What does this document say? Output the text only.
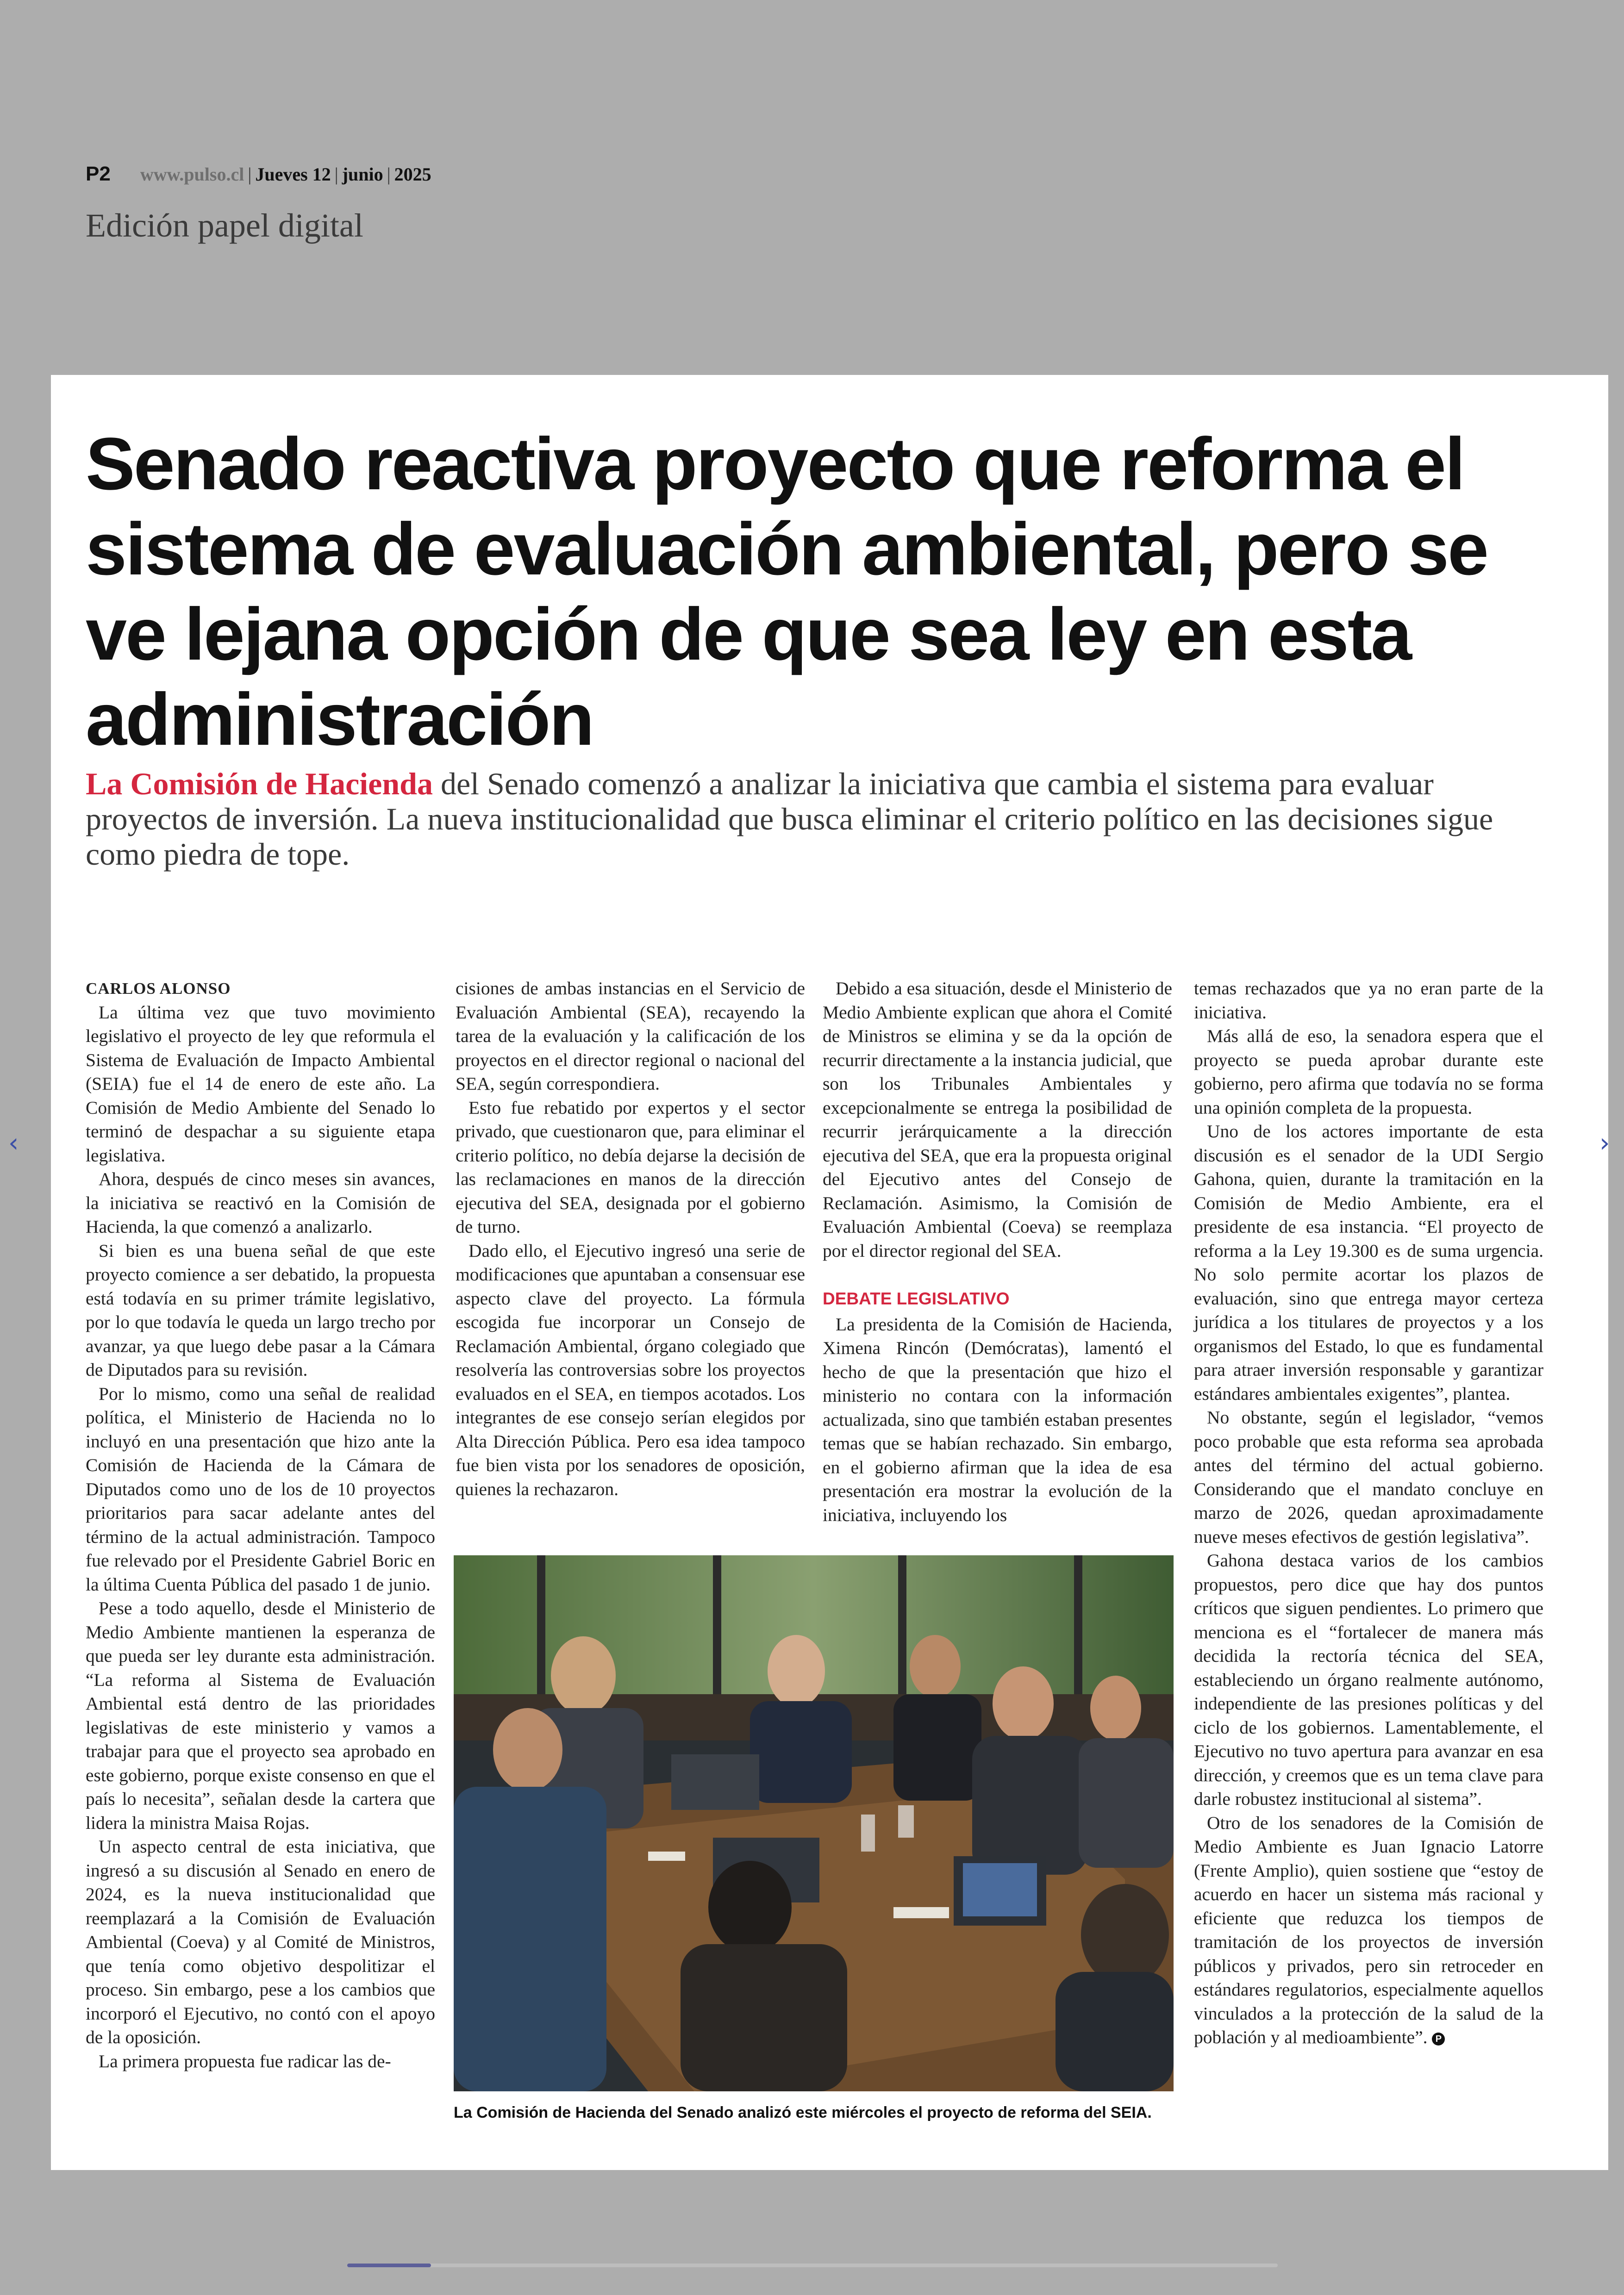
P2 www.pulso.cl | Jueves 12 | junio | 2025
Edición papel digital
Senado reactiva proyecto que reforma el sistema de evaluación ambiental, pero se ve lejana opción de que sea ley en esta administración
La Comisión de Hacienda del Senado comenzó a analizar la iniciativa que cambia el sistema para evaluar proyectos de inversión. La nueva institucionalidad que busca eliminar el criterio político en las decisiones sigue como piedra de tope.
CARLOS ALONSO

La última vez que tuvo movimiento legislativo el proyecto de ley que reformula el Sistema de Evaluación de Impacto Ambiental (SEIA) fue el 14 de enero de este año. La Comisión de Medio Ambiente del Senado lo terminó de despachar a su siguiente etapa legislativa.

Ahora, después de cinco meses sin avances, la iniciativa se reactivó en la Comisión de Hacienda, la que comenzó a analizarlo.

Si bien es una buena señal de que este proyecto comience a ser debatido, la propuesta está todavía en su primer trámite legislativo, por lo que todavía le queda un largo trecho por avanzar, ya que luego debe pasar a la Cámara de Diputados para su revisión.

Por lo mismo, como una señal de realidad política, el Ministerio de Hacienda no lo incluyó en una presentación que hizo ante la Comisión de Hacienda de la Cámara de Diputados como uno de los de 10 proyectos prioritarios para sacar adelante antes del término de la actual administración. Tampoco fue relevado por el Presidente Gabriel Boric en la última Cuenta Pública del pasado 1 de junio.

Pese a todo aquello, desde el Ministerio de Medio Ambiente mantienen la esperanza de que pueda ser ley durante esta administración. “La reforma al Sistema de Evaluación Ambiental está dentro de las prioridades legislativas de este ministerio y vamos a trabajar para que el proyecto sea aprobado en este gobierno, porque existe consenso en que el país lo necesita”, señalan desde la cartera que lidera la ministra Maisa Rojas.

Un aspecto central de esta iniciativa, que ingresó a su discusión al Senado en enero de 2024, es la nueva institucionalidad que reemplazará a la Comisión de Evaluación Ambiental (Coeva) y al Comité de Ministros, que tenía como objetivo despolitizar el proceso. Sin embargo, pese a los cambios que incorporó el Ejecutivo, no contó con el apoyo de la oposición.

La primera propuesta fue radicar las de-

cisiones de ambas instancias en el Servicio de Evaluación Ambiental (SEA), recayendo la tarea de la evaluación y la calificación de los proyectos en el director regional o nacional del SEA, según correspondiera.

Esto fue rebatido por expertos y el sector privado, que cuestionaron que, para eliminar el criterio político, no debía dejarse la decisión de las reclamaciones en manos de la dirección ejecutiva del SEA, designada por el gobierno de turno.

Dado ello, el Ejecutivo ingresó una serie de modificaciones que apuntaban a consensuar ese aspecto clave del proyecto. La fórmula escogida fue incorporar un Consejo de Reclamación Ambiental, órgano colegiado que resolvería las controversias sobre los proyectos evaluados en el SEA, en tiempos acotados. Los integrantes de ese consejo serían elegidos por Alta Dirección Pública. Pero esa idea tampoco fue bien vista por los senadores de oposición, quienes la rechazaron.

Debido a esa situación, desde el Ministerio de Medio Ambiente explican que ahora el Comité de Ministros se elimina y se da la opción de recurrir directamente a la instancia judicial, que son los Tribunales Ambientales y excepcionalmente se entrega la posibilidad de recurrir jerárquicamente a la dirección ejecutiva del SEA, que era la propuesta original del Ejecutivo antes del Consejo de Reclamación. Asimismo, la Comisión de Evaluación Ambiental (Coeva) se reemplaza por el director regional del SEA.

DEBATE LEGISLATIVO

La presidenta de la Comisión de Hacienda, Ximena Rincón (Demócratas), lamentó el hecho de que la presentación que hizo el ministerio no contara con la información actualizada, sino que también estaban presentes temas que se habían rechazado. Sin embargo, en el gobierno afirman que la idea de esa presentación era mostrar la evolución de la iniciativa, incluyendo los

temas rechazados que ya no eran parte de la iniciativa.

Más allá de eso, la senadora espera que el proyecto se pueda aprobar durante este gobierno, pero afirma que todavía no se forma una opinión completa de la propuesta.

Uno de los actores importante de esta discusión es el senador de la UDI Sergio Gahona, quien, durante la tramitación en la Comisión de Medio Ambiente, era el presidente de esa instancia. “El proyecto de reforma a la Ley 19.300 es de suma urgencia. No solo permite acortar los plazos de evaluación, sino que entrega mayor certeza jurídica a los titulares de proyectos y a los organismos del Estado, lo que es fundamental para atraer inversión responsable y garantizar estándares ambientales exigentes”, plantea.

No obstante, según el legislador, “vemos poco probable que esta reforma sea aprobada antes del término del actual gobierno. Considerando que el mandato concluye en marzo de 2026, quedan aproximadamente nueve meses efectivos de gestión legislativa”.

Gahona destaca varios de los cambios propuestos, pero dice que hay dos puntos críticos que siguen pendientes. Lo primero que menciona es el “fortalecer de manera más decidida la rectoría técnica del SEA, estableciendo un órgano realmente autónomo, independiente de las presiones políticas y del ciclo de los gobiernos. Lamentablemente, el Ejecutivo no tuvo apertura para avanzar en esa dirección, y creemos que es un tema clave para darle robustez institucional al sistema”.

Otro de los senadores de la Comisión de Medio Ambiente es Juan Ignacio Latorre (Frente Amplio), quien sostiene que “estoy de acuerdo en hacer un sistema más racional y eficiente que reduzca los tiempos de tramitación de los proyectos de inversión públicos y privados, pero sin retroceder en estándares regulatorios, especialmente aquellos vinculados a la protección de la salud de la población y al medioambiente”. P

La Comisión de Hacienda del Senado analizó este miércoles el proyecto de reforma del SEIA.
‹	›
